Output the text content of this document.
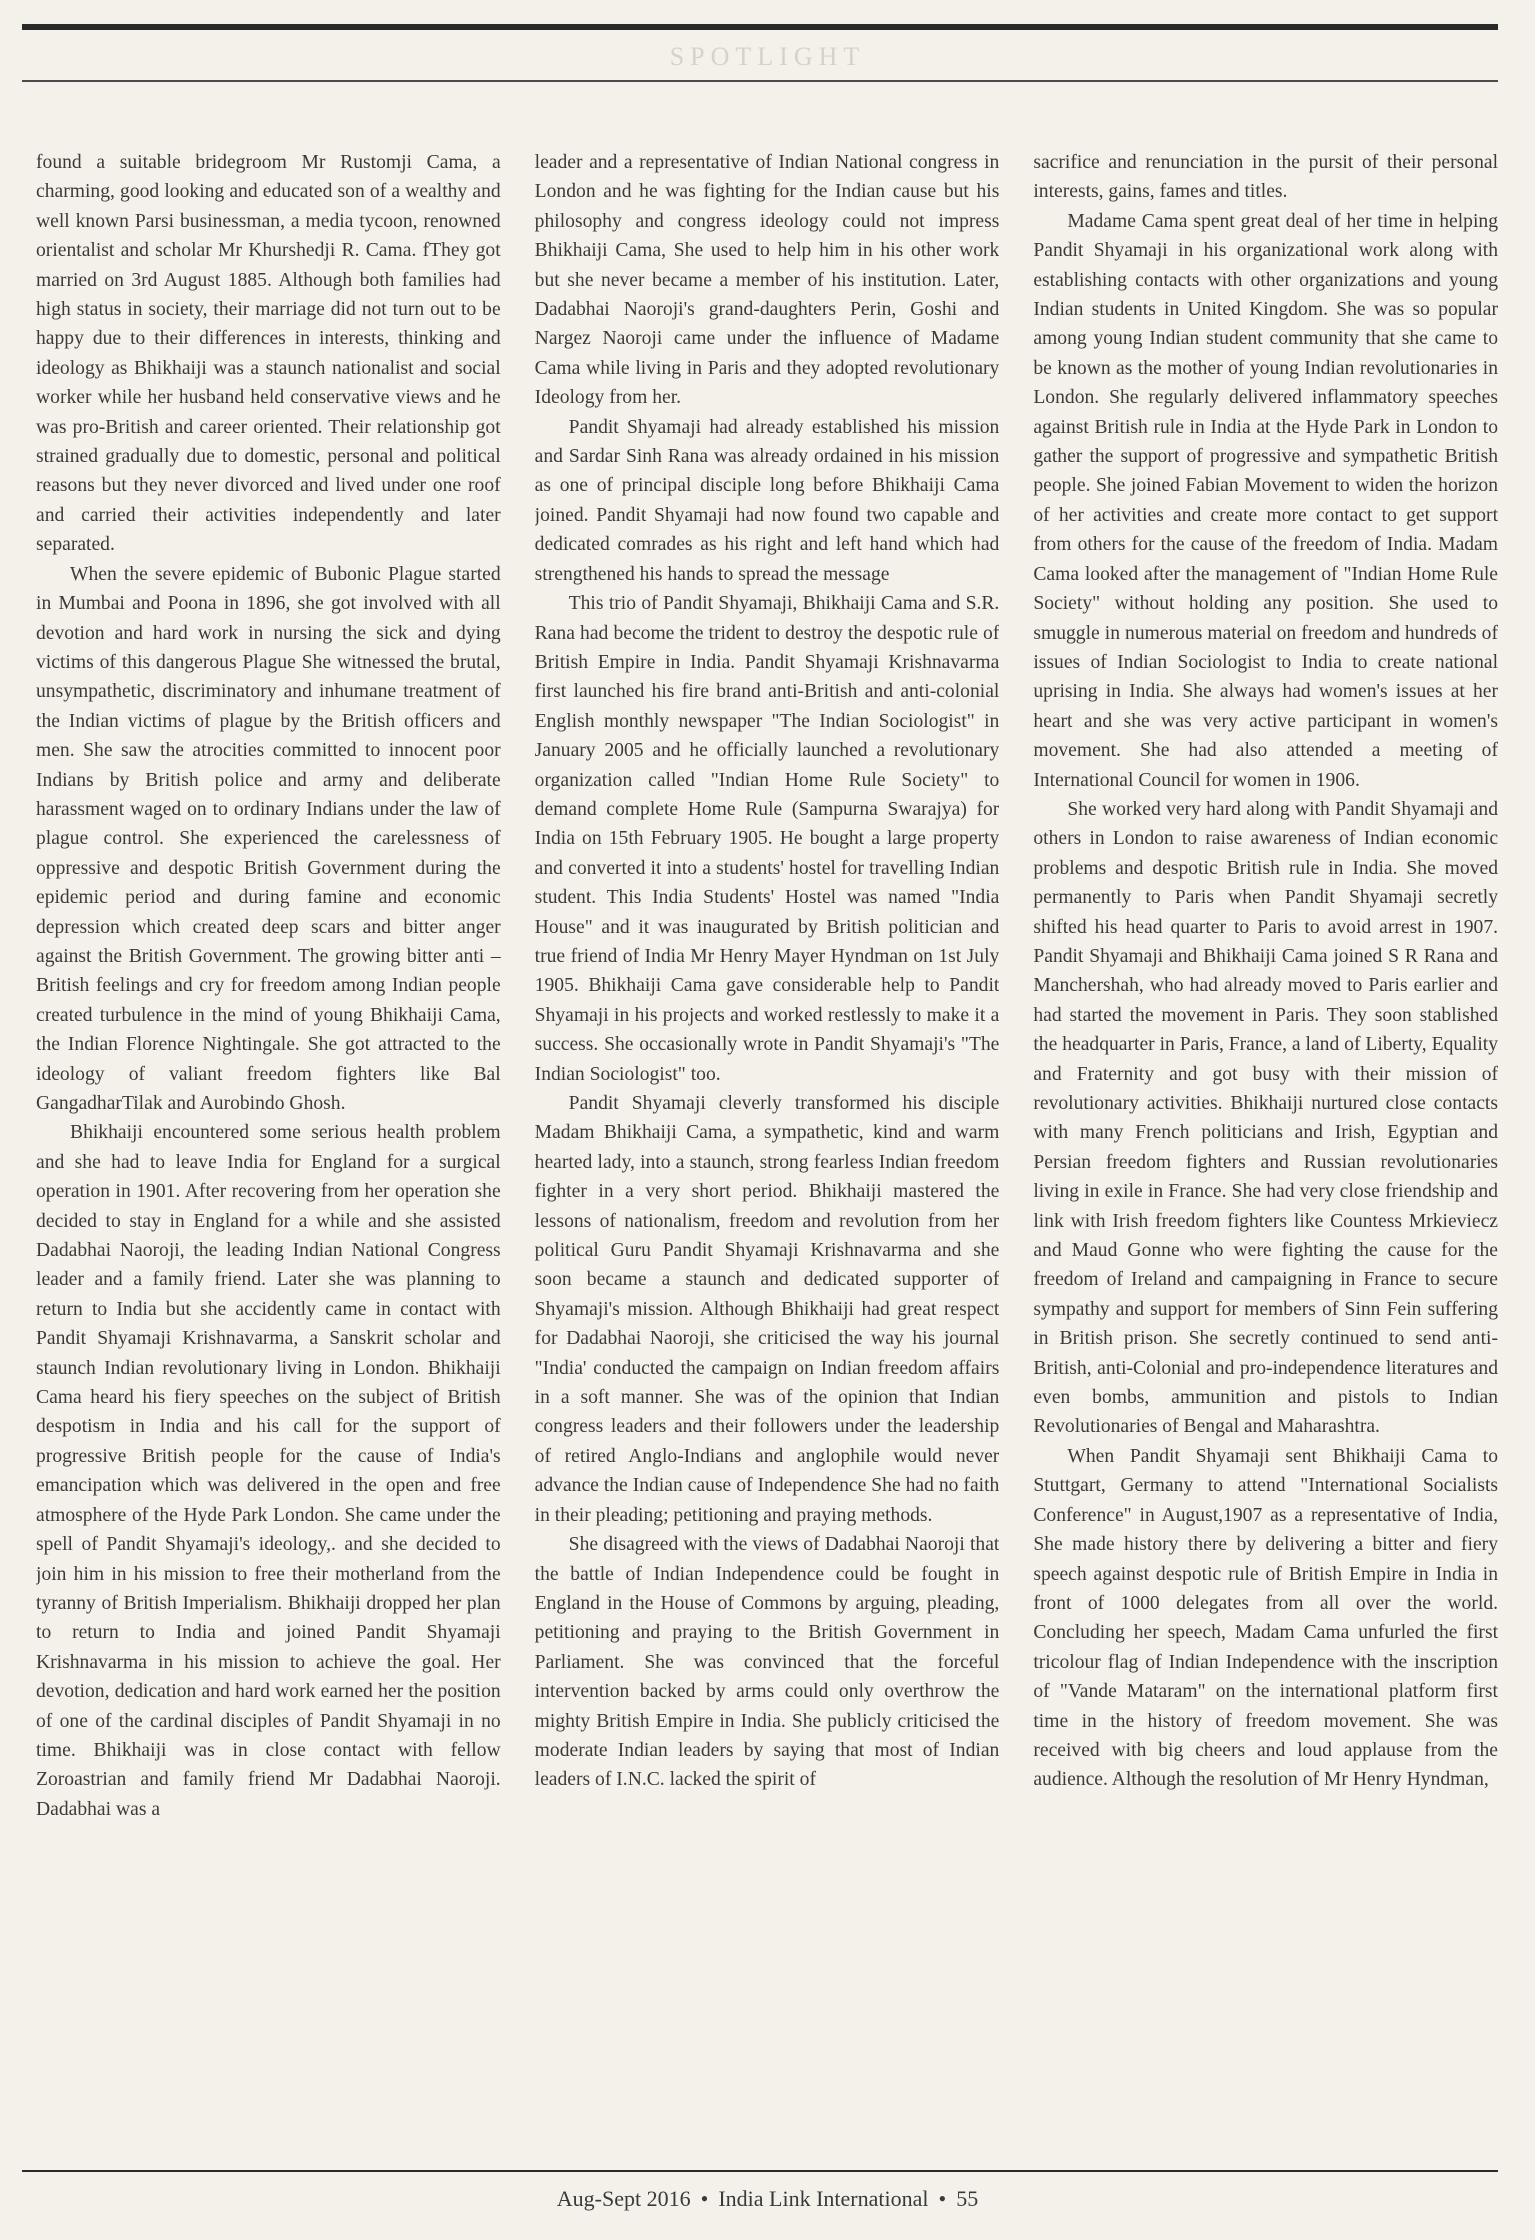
SPOTLIGHT

found a suitable bridegroom Mr Rustomji Cama, a charming, good looking and educated son of a wealthy and well known Parsi businessman, a media tycoon, renowned orientalist and scholar Mr Khurshedji R. Cama. fThey got married on 3rd August 1885. Although both families had high status in society, their marriage did not turn out to be happy due to their differences in interests, thinking and ideology as Bhikhaiji was a staunch nationalist and social worker while her husband held conservative views and he was pro-British and career oriented. Their relationship got strained gradually due to domestic, personal and political reasons but they never divorced and lived under one roof and carried their activities independently and later separated.

When the severe epidemic of Bubonic Plague started in Mumbai and Poona in 1896, she got involved with all devotion and hard work in nursing the sick and dying victims of this dangerous Plague She witnessed the brutal, unsympathetic, discriminatory and inhumane treatment of the Indian victims of plague by the British officers and men. She saw the atrocities committed to innocent poor Indians by British police and army and deliberate harassment waged on to ordinary Indians under the law of plague control. She experienced the carelessness of oppressive and despotic British Government during the epidemic period and during famine and economic depression which created deep scars and bitter anger against the British Government. The growing bitter anti –British feelings and cry for freedom among Indian people created turbulence in the mind of young Bhikhaiji Cama, the Indian Florence Nightingale. She got attracted to the ideology of valiant freedom fighters like Bal GangadharTilak and Aurobindo Ghosh.

Bhikhaiji encountered some serious health problem and she had to leave India for England for a surgical operation in 1901. After recovering from her operation she decided to stay in England for a while and she assisted Dadabhai Naoroji, the leading Indian National Congress leader and a family friend. Later she was planning to return to India but she accidently came in contact with Pandit Shyamaji Krishnavarma, a Sanskrit scholar and staunch Indian revolutionary living in London. Bhikhaiji Cama heard his fiery speeches on the subject of British despotism in India and his call for the support of progressive British people for the cause of India's emancipation which was delivered in the open and free atmosphere of the Hyde Park London. She came under the spell of Pandit Shyamaji's ideology,. and she decided to join him in his mission to free their motherland from the tyranny of British Imperialism. Bhikhaiji dropped her plan to return to India and joined Pandit Shyamaji Krishnavarma in his mission to achieve the goal. Her devotion, dedication and hard work earned her the position of one of the cardinal disciples of Pandit Shyamaji in no time. Bhikhaiji was in close contact with fellow Zoroastrian and family friend Mr Dadabhai Naoroji. Dadabhai was a

leader and a representative of Indian National congress in London and he was fighting for the Indian cause but his philosophy and congress ideology could not impress Bhikhaiji Cama, She used to help him in his other work but she never became a member of his institution. Later, Dadabhai Naoroji's grand-daughters Perin, Goshi and Nargez Naoroji came under the influence of Madame Cama while living in Paris and they adopted revolutionary Ideology from her.

Pandit Shyamaji had already established his mission and Sardar Sinh Rana was already ordained in his mission as one of principal disciple long before Bhikhaiji Cama joined. Pandit Shyamaji had now found two capable and dedicated comrades as his right and left hand which had strengthened his hands to spread the message

This trio of Pandit Shyamaji, Bhikhaiji Cama and S.R. Rana had become the trident to destroy the despotic rule of British Empire in India. Pandit Shyamaji Krishnavarma first launched his fire brand anti-British and anti-colonial English monthly newspaper "The Indian Sociologist" in January 2005 and he officially launched a revolutionary organization called "Indian Home Rule Society" to demand complete Home Rule (Sampurna Swarajya) for India on 15th February 1905. He bought a large property and converted it into a students' hostel for travelling Indian student. This India Students' Hostel was named "India House" and it was inaugurated by British politician and true friend of India Mr Henry Mayer Hyndman on 1st July 1905. Bhikhaiji Cama gave considerable help to Pandit Shyamaji in his projects and worked restlessly to make it a success. She occasionally wrote in Pandit Shyamaji's "The Indian Sociologist" too.

Pandit Shyamaji cleverly transformed his disciple Madam Bhikhaiji Cama, a sympathetic, kind and warm hearted lady, into a staunch, strong fearless Indian freedom fighter in a very short period. Bhikhaiji mastered the lessons of nationalism, freedom and revolution from her political Guru Pandit Shyamaji Krishnavarma and she soon became a staunch and dedicated supporter of Shyamaji's mission. Although Bhikhaiji had great respect for Dadabhai Naoroji, she criticised the way his journal "India' conducted the campaign on Indian freedom affairs in a soft manner. She was of the opinion that Indian congress leaders and their followers under the leadership of retired Anglo-Indians and anglophile would never advance the Indian cause of Independence She had no faith in their pleading; petitioning and praying methods.

She disagreed with the views of Dadabhai Naoroji that the battle of Indian Independence could be fought in England in the House of Commons by arguing, pleading, petitioning and praying to the British Government in Parliament. She was convinced that the forceful intervention backed by arms could only overthrow the mighty British Empire in India. She publicly criticised the moderate Indian leaders by saying that most of Indian leaders of I.N.C. lacked the spirit of

sacrifice and renunciation in the pursit of their personal interests, gains, fames and titles.

Madame Cama spent great deal of her time in helping Pandit Shyamaji in his organizational work along with establishing contacts with other organizations and young Indian students in United Kingdom. She was so popular among young Indian student community that she came to be known as the mother of young Indian revolutionaries in London. She regularly delivered inflammatory speeches against British rule in India at the Hyde Park in London to gather the support of progressive and sympathetic British people. She joined Fabian Movement to widen the horizon of her activities and create more contact to get support from others for the cause of the freedom of India. Madam Cama looked after the management of "Indian Home Rule Society" without holding any position. She used to smuggle in numerous material on freedom and hundreds of issues of Indian Sociologist to India to create national uprising in India. She always had women's issues at her heart and she was very active participant in women's movement. She had also attended a meeting of International Council for women in 1906.

She worked very hard along with Pandit Shyamaji and others in London to raise awareness of Indian economic problems and despotic British rule in India. She moved permanently to Paris when Pandit Shyamaji secretly shifted his head quarter to Paris to avoid arrest in 1907. Pandit Shyamaji and Bhikhaiji Cama joined S R Rana and Manchershah, who had already moved to Paris earlier and had started the movement in Paris. They soon stablished the headquarter in Paris, France, a land of Liberty, Equality and Fraternity and got busy with their mission of revolutionary activities. Bhikhaiji nurtured close contacts with many French politicians and Irish, Egyptian and Persian freedom fighters and Russian revolutionaries living in exile in France. She had very close friendship and link with Irish freedom fighters like Countess Mrkieviecz and Maud Gonne who were fighting the cause for the freedom of Ireland and campaigning in France to secure sympathy and support for members of Sinn Fein suffering in British prison. She secretly continued to send anti-British, anti-Colonial and pro-independence literatures and even bombs, ammunition and pistols to Indian Revolutionaries of Bengal and Maharashtra.

When Pandit Shyamaji sent Bhikhaiji Cama to Stuttgart, Germany to attend "International Socialists Conference" in August,1907 as a representative of India, She made history there by delivering a bitter and fiery speech against despotic rule of British Empire in India in front of 1000 delegates from all over the world. Concluding her speech, Madam Cama unfurled the first tricolour flag of Indian Independence with the inscription of "Vande Mataram" on the international platform first time in the history of freedom movement. She was received with big cheers and loud applause from the audience. Although the resolution of Mr Henry Hyndman,

Aug-Sept 2016 • India Link International • 55
